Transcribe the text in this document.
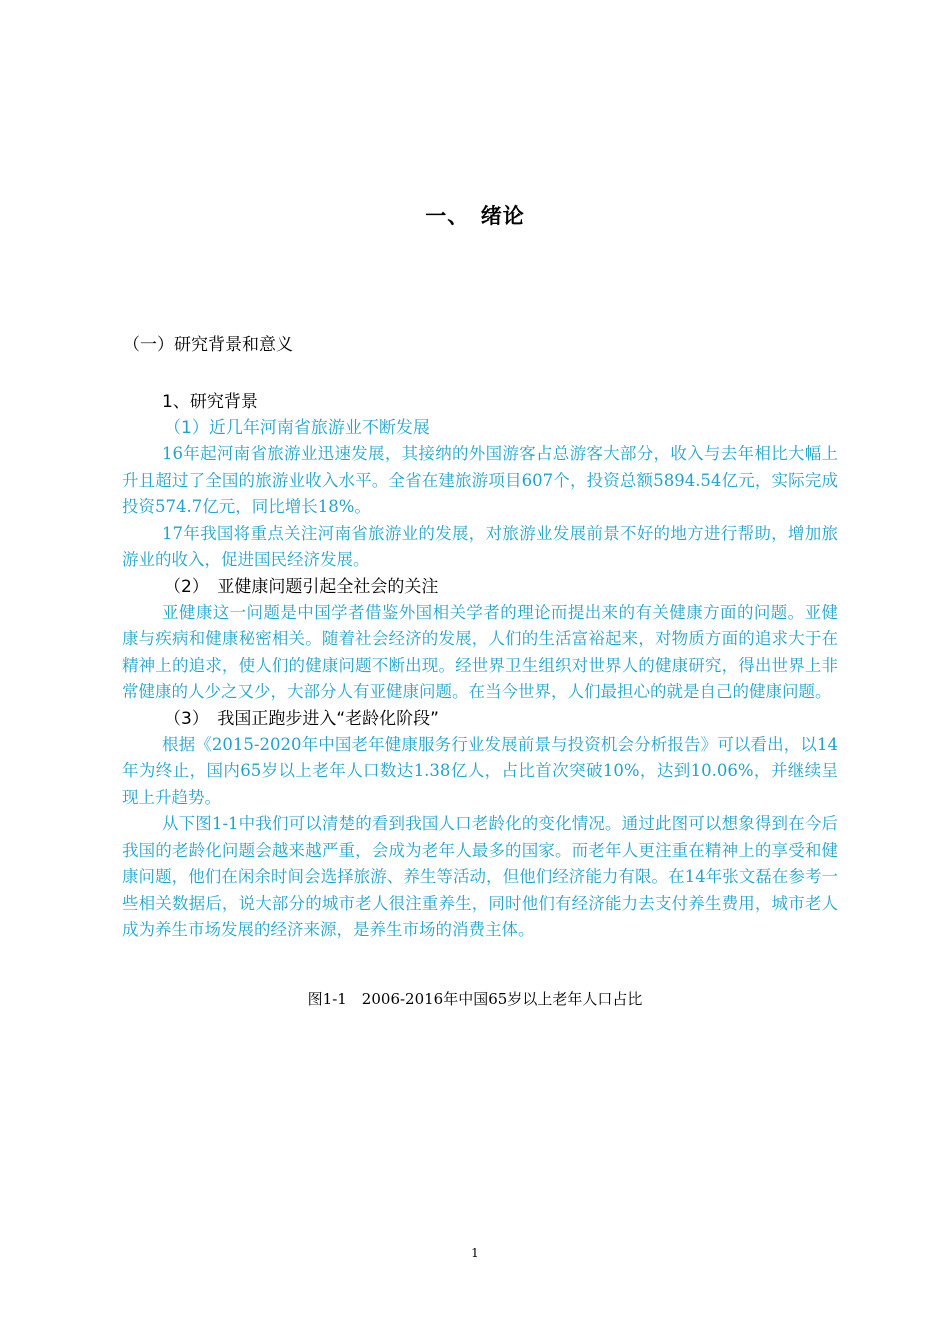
一、　绪论
（一）研究背景和意义
1、研究背景
（1）近几年河南省旅游业不断发展

16年起河南省旅游业迅速发展，其接纳的外国游客占总游客大部分，收入与去年相比大幅上升且超过了全国的旅游业收入水平。全省在建旅游项目607个，投资总额5894.54亿元，实际完成投资574.7亿元，同比增长18%。

17年我国将重点关注河南省旅游业的发展，对旅游业发展前景不好的地方进行帮助，增加旅游业的收入，促进国民经济发展。

（2）　亚健康问题引起全社会的关注

亚健康这一问题是中国学者借鉴外国相关学者的理论而提出来的有关健康方面的问题。亚健康与疾病和健康秘密相关。随着社会经济的发展，人们的生活富裕起来，对物质方面的追求大于在精神上的追求，使人们的健康问题不断出现。经世界卫生组织对世界人的健康研究，得出世界上非常健康的人少之又少，大部分人有亚健康问题。在当今世界，人们最担心的就是自己的健康问题。

（3）　我国正跑步进入“老龄化阶段”

根据《2015-2020年中国老年健康服务行业发展前景与投资机会分析报告》可以看出，以14年为终止，国内65岁以上老年人口数达1.38亿人，占比首次突破10%，达到10.06%，并继续呈现上升趋势。

从下图1-1中我们可以清楚的看到我国人口老龄化的变化情况。通过此图可以想象得到在今后我国的老龄化问题会越来越严重，会成为老年人最多的国家。而老年人更注重在精神上的享受和健康问题，他们在闲余时间会选择旅游、养生等活动，但他们经济能力有限。在14年张文磊在参考一些相关数据后，说大部分的城市老人很注重养生，同时他们有经济能力去支付养生费用，城市老人成为养生市场发展的经济来源，是养生市场的消费主体。

图1-1　2006-2016年中国65岁以上老年人口占比
1
